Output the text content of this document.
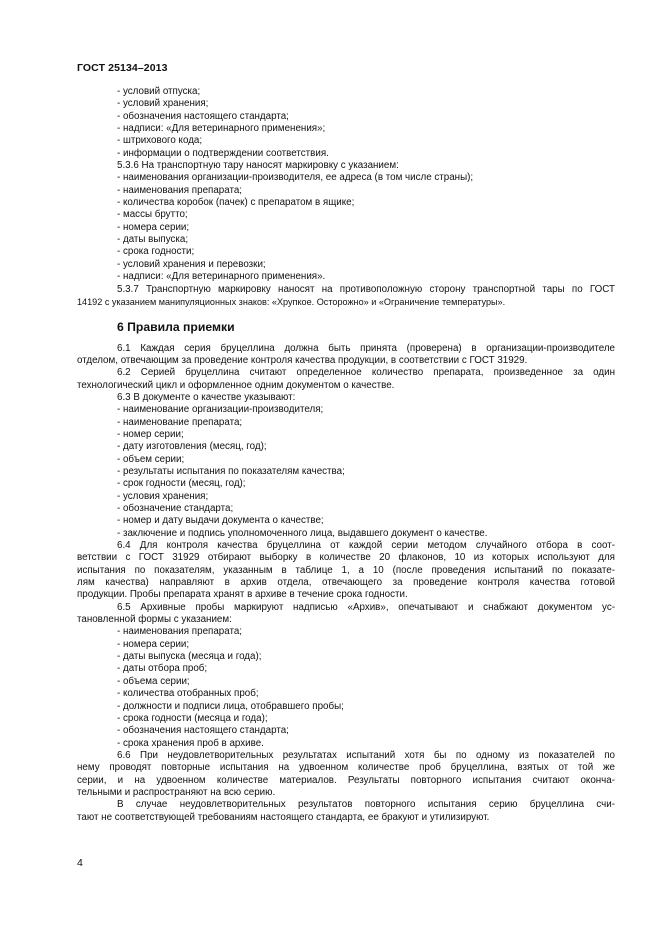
ГОСТ 25134–2013
- условий отпуска;
- условий хранения;
- обозначения настоящего стандарта;
- надписи: «Для ветеринарного применения»;
- штрихового кода;
- информации о подтверждении соответствия.
5.3.6 На транспортную тару наносят маркировку с указанием:
- наименования организации-производителя, ее адреса (в том числе страны);
- наименования препарата;
- количества коробок (пачек) с препаратом в ящике;
- массы брутто;
- номера серии;
- даты выпуска;
- срока годности;
- условий хранения и перевозки;
- надписи: «Для ветеринарного применения».
5.3.7 Транспортную маркировку наносят на противоположную сторону транспортной тары по ГОСТ
14192 с указанием манипуляционных знаков: «Хрупкое. Осторожно» и «Ограничение температуры».
6 Правила приемки
6.1 Каждая серия бруцеллина должна быть принята (проверена) в организации-производителе
отделом, отвечающим за проведение контроля качества продукции, в соответствии с ГОСТ 31929.
6.2 Серией бруцеллина считают определенное количество препарата, произведенное за один
технологический цикл и оформленное одним документом о качестве.
6.3 В документе о качестве указывают:
- наименование организации-производителя;
- наименование препарата;
- номер серии;
- дату изготовления (месяц, год);
- объем серии;
- результаты испытания по показателям качества;
- срок годности (месяц, год);
- условия хранения;
- обозначение стандарта;
- номер и дату выдачи документа о качестве;
- заключение и подпись уполномоченного лица, выдавшего документ о качестве.
6.4 Для контроля качества бруцеллина от каждой серии методом случайного отбора в соот-
ветствии с ГОСТ 31929 отбирают выборку в количестве 20 флаконов, 10 из которых используют для
испытания по показателям, указанным в таблице 1, а 10 (после проведения испытаний по показате-
лям качества) направляют в архив отдела, отвечающего за проведение контроля качества готовой
продукции. Пробы препарата хранят в архиве в течение срока годности.
6.5 Архивные пробы маркируют надписью «Архив», опечатывают и снабжают документом ус-
тановленной формы с указанием:
- наименования препарата;
- номера серии;
- даты выпуска (месяца и года);
- даты отбора проб;
- объема серии;
- количества отобранных проб;
- должности и подписи лица, отобравшего пробы;
- срока годности (месяца и года);
- обозначения настоящего стандарта;
- срока хранения проб в архиве.
6.6 При неудовлетворительных результатах испытаний хотя бы по одному из показателей по
нему проводят повторные испытания на удвоенном количестве проб бруцеллина, взятых от той же
серии, и на удвоенном количестве материалов. Результаты повторного испытания считают оконча-
тельными и распространяют на всю серию.
В случае неудовлетворительных результатов повторного испытания серию бруцеллина счи-
тают не соответствующей требованиям настоящего стандарта, ее бракуют и утилизируют.
4
